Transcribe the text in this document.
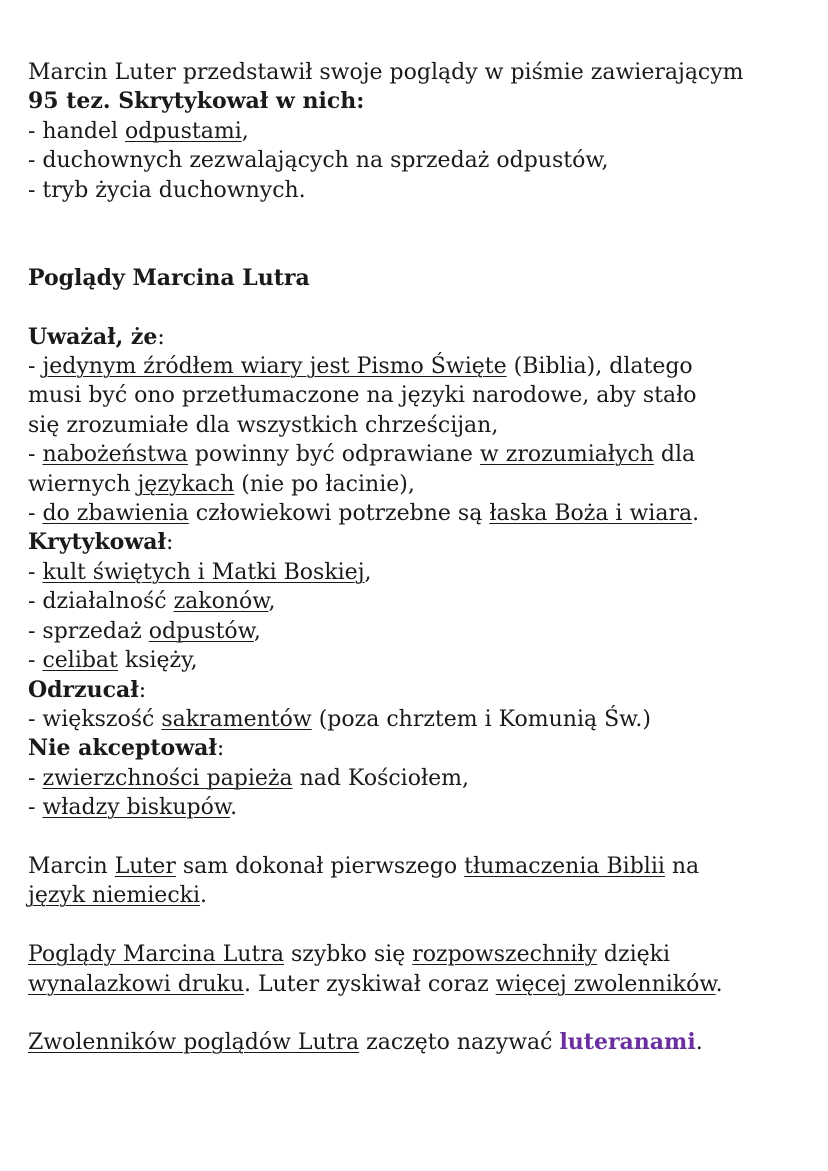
Marcin Luter przedstawił swoje poglądy w piśmie zawierającym
95 tez. Skrytykował w nich:
- handel odpustami,
- duchownych zezwalających na sprzedaż odpustów,
- tryb życia duchownych.
Poglądy Marcina Lutra
Uważał, że:
- jedynym źródłem wiary jest Pismo Święte (Biblia), dlatego
musi być ono przetłumaczone na języki narodowe, aby stało
się zrozumiałe dla wszystkich chrześcijan,
- nabożeństwa powinny być odprawiane w zrozumiałych dla
wiernych językach (nie po łacinie),
- do zbawienia człowiekowi potrzebne są łaska Boża i wiara.
Krytykował:
- kult świętych i Matki Boskiej,
- działalność zakonów,
- sprzedaż odpustów,
- celibat księży,
Odrzucał:
- większość sakramentów (poza chrztem i Komunią Św.)
Nie akceptował:
- zwierzchności papieża nad Kościołem,
- władzy biskupów.
Marcin Luter sam dokonał pierwszego tłumaczenia Biblii na
język niemiecki.
Poglądy Marcina Lutra szybko się rozpowszechniły dzięki
wynalazkowi druku. Luter zyskiwał coraz więcej zwolenników.
Zwolenników poglądów Lutra zaczęto nazywać luteranami.
